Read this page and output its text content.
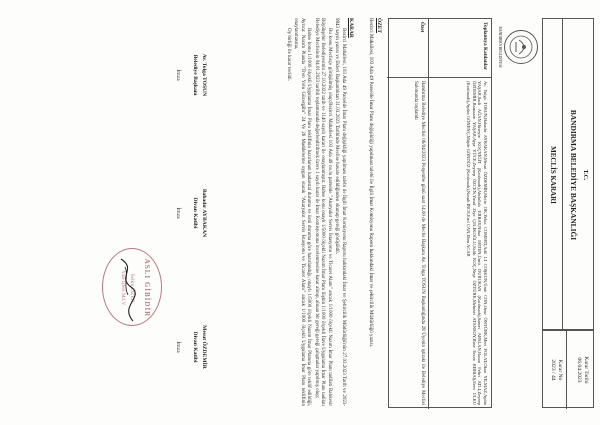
T.C.
BANDIRMA BELEDİYE BAŞKANLIĞI
MECLİS KARARI
Karar Tarihi
06.04.2023
Karar No
2023 / 44
BANDIRMA BELEDİYESİ
Toplantıya Katılanlar
Av. Tolga TOSUN,Bahadır AYBAKAN,Mesut ÖZDEMİR,Metin OK,Yekta COMERT,Adil LI COŞKUN,Ümit CON,Onur ÖNTÜRK,Mert POLAT,Okan YILMAZ,Aydın YAŞAR,Sadi AĞAN,Hüseyin KOÇYİĞİT (Katılmadı),Abdullah ERBAY,Nihat ERTEN,Ümit DURUKAN (Katılmadı),Samet ARSLAN,Hasan Fehri ATLI,Zeynep ÖZDEMİR,Ramazan YAŞAR,Ayşe YÜCE,Zeynep ÖZCEN,Yusuf Ziya ÇELİKOĞLU,Salih KOÇ,Neşe ÖZTÜRK,Mehmet ATANSOY,Buse Ercan KIRBAŞ,Eren ULKU (Katılmadı),Aydan GÖNENÇ,Müjde GÖNDÜZ (Katılmadı),Nasuh İNCE,Erol CAN,Ebru ACAR
Özet
Bandırma Belediye Meclisi 06/04/2023 Perşembe günü saat 14.00 de Meclis Başkanı Av. Tolga TOSUN Başkanlığında 28 Üyenin iştiraki ile Belediye Meclisi Salonunda toplandı
ÖZET
Bezirci Mahallesi, 103 Ada 49 Parselde İmar Planı değişikliği yapılması talebi ile İlgili İmar Komisyonu Raporu hakkındaki İmar ve şehircilik Müdürlüğü yazısı.
KARAR

Bezirci Mahallesi, 103 Ada 49 Parselde İmar Planı değişikliği yapılması talebi ile İlgili İmar Komisyonu Raporu hakkındaki İmar ve Şehircilik Müdürlüğü'nün 27.03.2023 Tarih ve 2023-9843 sayılı yazısı ve Ekleri Başkanlıktan 31.03.2023 Tarihinde Meclise havale edildiğinden okunup gereği görüşüldü.

Bu konu Meclisçe görüşülmüş olup;Bezirci Mahallesi 103 Ada 49 no.lu parselde "Akaryakıt Servis İstasyonu ve Ticaret Alanı" ancak 1/1000 ölçekli Nazım İmar Planı tadilatı Balıkesir Büyükşehir Belediyesinin 27.10.2022 tarih ve 1140 sayılı kararı ile onaylanmıştır. Bahse konu onaylı 1/5000 ölçekli Nazım İmar Planı ilişkin 1/1000 ölçekli İlave Uygulama İmar Planı tadilatı Belediye Meclisinin 04.01.2023 tarihli toplantısında değerlendirilmek üzere 1 sayılı karar ile İmar Komisyonuna incelenmesine karar alınıp, alınan bir gereği gereği çalışmalar yapılmış olup;

Bahse konu 1/1000 ölçekli Uygulama İmar Planı teklifinin hazırlanan kadastral duruma ve üstü duruma göre hazırlandığı, onaylı 1/5000 ölçekli Nazım İmar Planına göre teklif edildiği, Ayrıca: Nazım Planda "Tren Yolu Güzergâhı" 24 Ve 26 Maddelerine uygun olarak "Akaryakıt Servis İstasyonu ve Ticaret Alanı" ancak 1/1000 ölçekli Uygulama İmar Planı teklifinin onaylanmasına,

Oy birliği ile karar verildi.

Av. Tolga TOSUN
Belediye Başkanı
İmza
Bahadır AYBAKAN
Divan Katibi
İmza
Mesut ÖZDEMİR
Divan Katibi
İmza
ASLI GİBİDİR
Selim ÖZER
Yazı İşleri Md.V.
